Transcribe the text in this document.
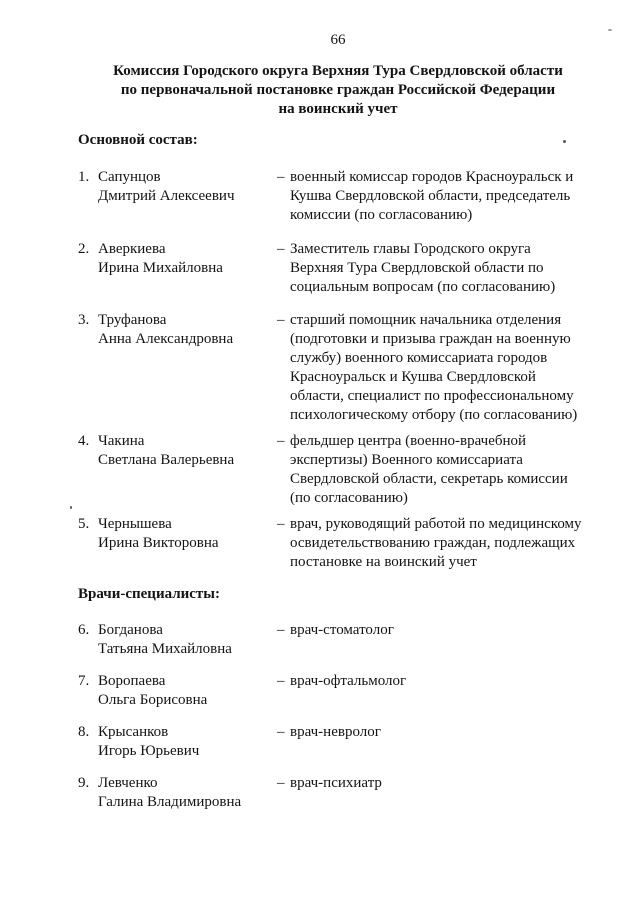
66
Комиссия Городского округа Верхняя Тура Свердловской области
по первоначальной постановке граждан Российской Федерации
на воинский учет
Основной состав:
1. Сапунцов
Дмитрий Алексеевич
– военный комиссар городов Красноуральск и
Кушва Свердловской области, председатель
комиссии (по согласованию)
2. Аверкиева
Ирина Михайловна
– Заместитель главы Городского округа
Верхняя Тура Свердловской области по
социальным вопросам (по согласованию)
3. Труфанова
Анна Александровна
– старший помощник начальника отделения
(подготовки и призыва граждан на военную
службу) военного комиссариата городов
Красноуральск и Кушва Свердловской
области, специалист по профессиональному
психологическому отбору (по согласованию)
4. Чакина
Светлана Валерьевна
– фельдшер центра (военно-врачебной
экспертизы) Военного комиссариата
Свердловской области, секретарь комиссии
(по согласованию)
5. Чернышева
Ирина Викторовна
– врач, руководящий работой по медицинскому
освидетельствованию граждан, подлежащих
постановке на воинский учет
Врачи-специалисты:
6. Богданова
Татьяна Михайловна
– врач-стоматолог
7. Воропаева
Ольга Борисовна
– врач-офтальмолог
8. Крысанков
Игорь Юрьевич
– врач-невролог
9. Левченко
Галина Владимировна
– врач-психиатр
